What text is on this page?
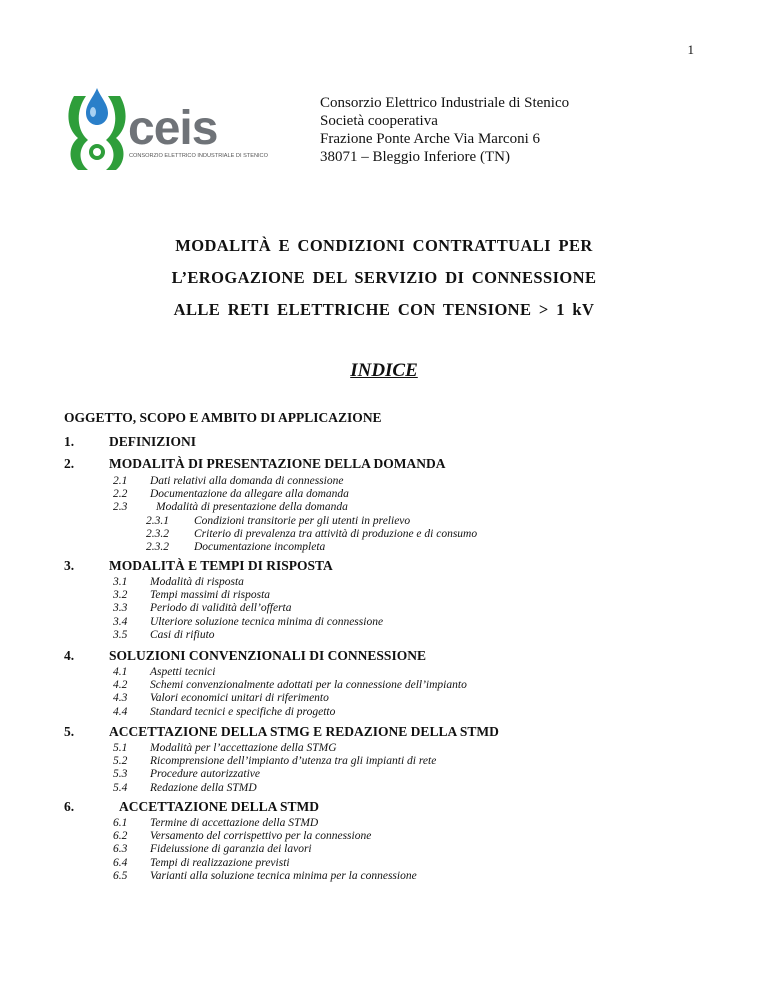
1
ceis
CONSORZIO ELETTRICO INDUSTRIALE DI STENICO
Consorzio Elettrico Industriale di Stenico
Società cooperativa
Frazione Ponte Arche Via Marconi 6
38071 – Bleggio Inferiore (TN)
MODALITÀ E CONDIZIONI CONTRATTUALI PER
L’EROGAZIONE DEL SERVIZIO DI CONNESSIONE
ALLE RETI ELETTRICHE CON TENSIONE > 1 kV
INDICE
OGGETTO, SCOPO E AMBITO DI APPLICAZIONE
1.	DEFINIZIONI
2.	MODALITÀ DI PRESENTAZIONE DELLA DOMANDA
2.1	Dati relativi alla domanda di connessione
2.2	Documentazione da allegare alla domanda
2.3	Modalità di presentazione della domanda
2.3.1	Condizioni transitorie per gli utenti in prelievo
2.3.2	Criterio di prevalenza tra attività di produzione e di consumo
2.3.2	Documentazione incompleta
3.	MODALITÀ E TEMPI DI RISPOSTA
3.1	Modalità di risposta
3.2	Tempi massimi di risposta
3.3	Periodo di validità dell’offerta
3.4	Ulteriore soluzione tecnica minima di connessione
3.5	Casi di rifiuto
4.	SOLUZIONI CONVENZIONALI DI CONNESSIONE
4.1	Aspetti tecnici
4.2	Schemi convenzionalmente adottati per la connessione dell’impianto
4.3	Valori economici unitari di riferimento
4.4	Standard tecnici e specifiche di progetto
5.	ACCETTAZIONE DELLA STMG E REDAZIONE DELLA STMD
5.1	Modalità per l’accettazione della STMG
5.2	Ricomprensione dell’impianto d’utenza tra gli impianti di rete
5.3	Procedure autorizzative
5.4	Redazione della STMD
6.	ACCETTAZIONE DELLA STMD
6.1	Termine di accettazione della STMD
6.2	Versamento del corrispettivo per la connessione
6.3	Fideiussione di garanzia dei lavori
6.4	Tempi di realizzazione previsti
6.5	Varianti alla soluzione tecnica minima per la connessione
